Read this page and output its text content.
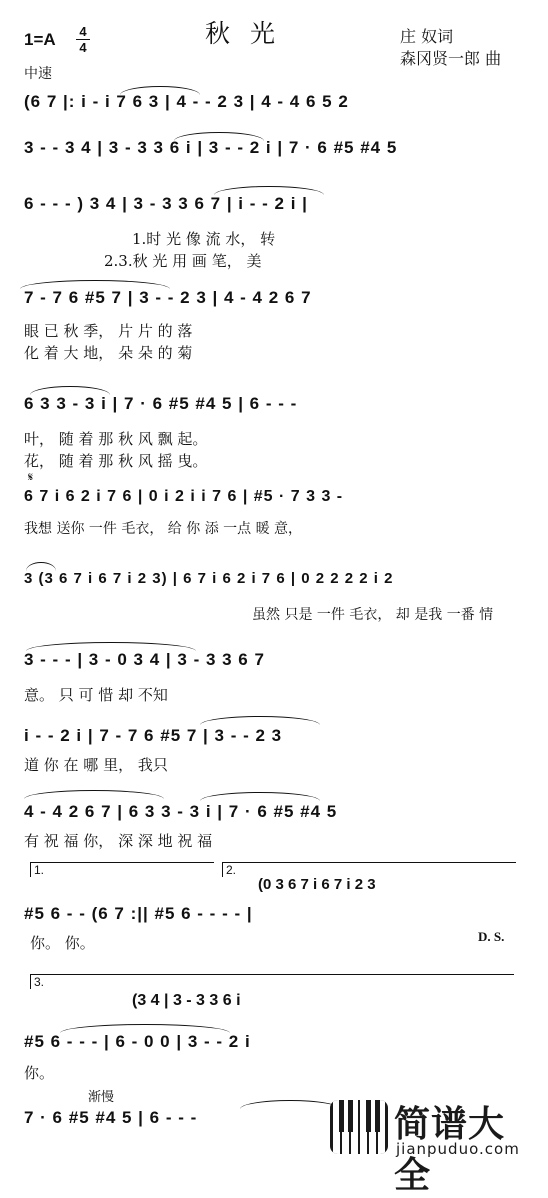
1=A 4
4	秋 光	庄 奴词
森冈贤一郎 曲
中速
(6 7 |: i - i 7 6 3 | 4 - - 2 3 | 4 - 4 6 5 2
3 - - 3 4 | 3 - 3 3 6 i | 3 - - 2 i | 7 · 6 #5 #4 5
6 - - - ) 3 4 | 3 - 3 3 6 7 | i - - 2 i |
1.时 光 像 流 水， 转
2.3.秋 光 用 画 笔， 美
7 - 7 6 #5 7 | 3 - - 2 3 | 4 - 4 2 6 7
眼 已 秋 季， 片 片 的 落
化 着 大 地， 朵 朵 的 菊
6 3 3 - 3 i | 7 · 6 #5 #4 5 | 6 - - -
叶， 随 着 那 秋 风 飘 起。
花， 随 着 那 秋 风 摇 曳。
𝄋
6 7 i 6 2 i 7 6 | 0 i 2 i i 7 6 | #5 · 7 3 3 -
我想 送你 一件 毛衣， 给 你 添 一点 暖 意，
3 (3 6 7 i 6 7 i 2 3) | 6 7 i 6 2 i 7 6 | 0 2 2 2 2 i 2
虽然 只是 一件 毛衣， 却 是我 一番 情
3 - - - | 3 - 0 3 4 | 3 - 3 3 6 7
意。 只 可 惜 却 不知
i - - 2 i | 7 - 7 6 #5 7 | 3 - - 2 3
道 你 在 哪 里， 我只
4 - 4 2 6 7 | 6 3 3 - 3 i | 7 · 6 #5 #4 5
有 祝 福 你， 深 深 地 祝 福
1.	2.
(0 3 6 7 i 6 7 i 2 3
#5 6 - - (6 7 :|| #5 6 - - - - |
你。 你。	D. S.
3.
(3 4 | 3 - 3 3 6 i
#5 6 - - - | 6 - 0 0 | 3 - - 2 i
你。
渐慢
7 · 6 #5 #4 5 | 6 - - -	简谱大全
jianpuduo.com
